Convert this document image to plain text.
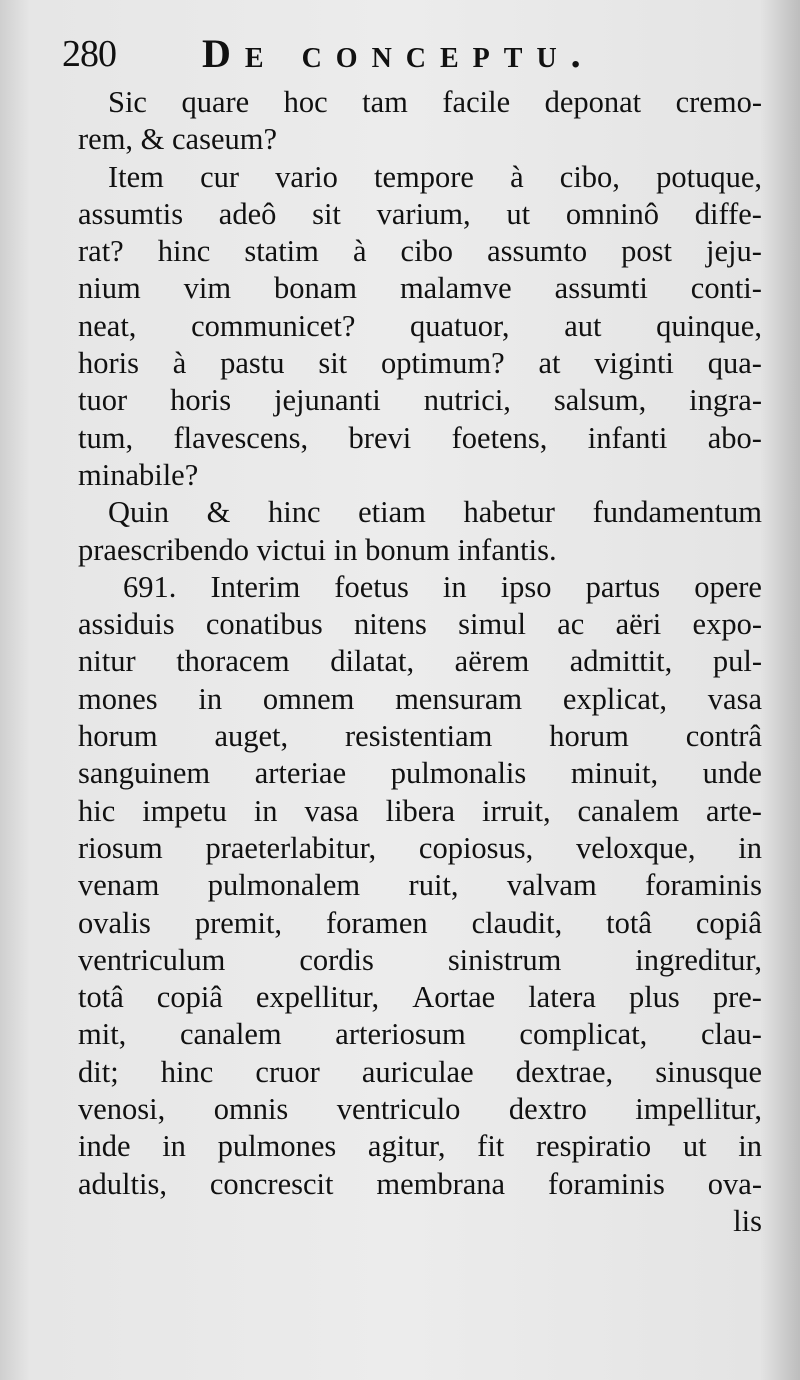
280 De conceptu.
Sic quare hoc tam facile deponat cremo-
rem, & caseum?
Item cur vario tempore à cibo, potuque,
assumtis adeô sit varium, ut omninô diffe-
rat? hinc statim à cibo assumto post jeju-
nium vim bonam malamve assumti conti-
neat, communicet? quatuor, aut quinque,
horis à pastu sit optimum? at viginti qua-
tuor horis jejunanti nutrici, salsum, ingra-
tum, flavescens, brevi foetens, infanti abo-
minabile?
Quin & hinc etiam habetur fundamentum
praescribendo victui in bonum infantis.
691. Interim foetus in ipso partus opere
assiduis conatibus nitens simul ac aëri expo-
nitur thoracem dilatat, aërem admittit, pul-
mones in omnem mensuram explicat, vasa
horum auget, resistentiam horum contrâ
sanguinem arteriae pulmonalis minuit, unde
hic impetu in vasa libera irruit, canalem arte-
riosum praeterlabitur, copiosus, veloxque, in
venam pulmonalem ruit, valvam foraminis
ovalis premit, foramen claudit, totâ copiâ
ventriculum cordis sinistrum ingreditur,
totâ copiâ expellitur, Aortae latera plus pre-
mit, canalem arteriosum complicat, clau-
dit; hinc cruor auriculae dextrae, sinusque
venosi, omnis ventriculo dextro impellitur,
inde in pulmones agitur, fit respiratio ut in
adultis, concrescit membrana foraminis ova-
lis
